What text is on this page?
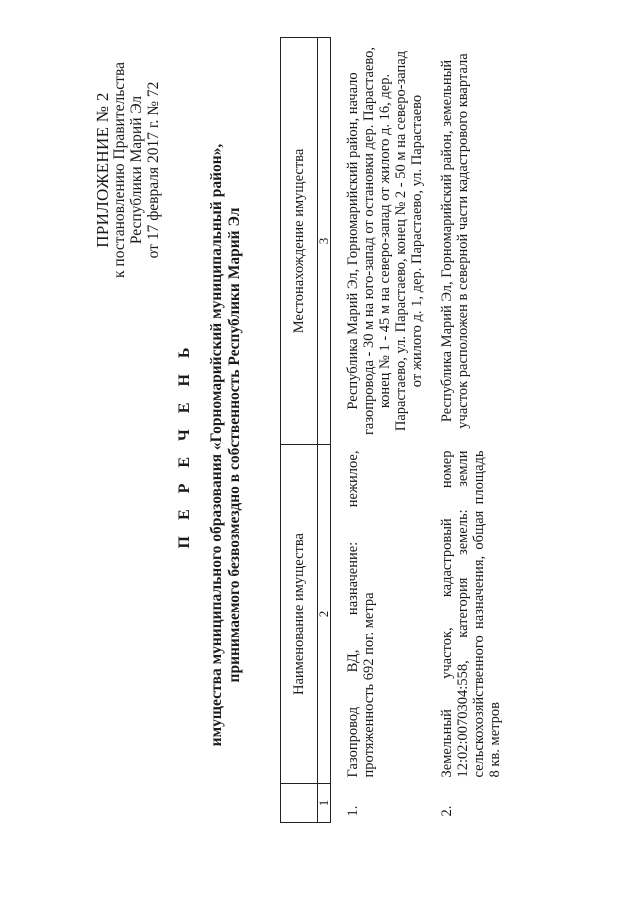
ПРИЛОЖЕНИЕ № 2 к постановлению Правительства Республики Марий Эл от 17 февраля 2017 г. № 72
П Е Р Е Ч Е Н Ь имущества муниципального образования «Горномарийский муниципальный район», принимаемого безвозмездно в собственность Республики Марий Эл
		Наименование имущества	Местонахождение имущества
1	2	3
1.	Газопровод ВД, назначение: нежилое, протяженность 692 пог. метра	Республика Марий Эл, Горномарийский район, начало газопровода - 30 м на юго-запад от остановки дер. Парастаево, конец № 1 - 45 м на северо-запад от жилого д. 16, дер. Парастаево, ул. Парастаево, конец № 2 - 50 м на северо-запад от жилого д. 1, дер. Парастаево, ул. Парастаево
2.	Земельный участок, кадастровый номер 12:02:0070304:558, категория земель: земли сельскохозяйственного назначения, общая площадь 8 кв. метров	Республика Марий Эл, Горномарийский район, земельный участок расположен в северной части кадастрового квартала
